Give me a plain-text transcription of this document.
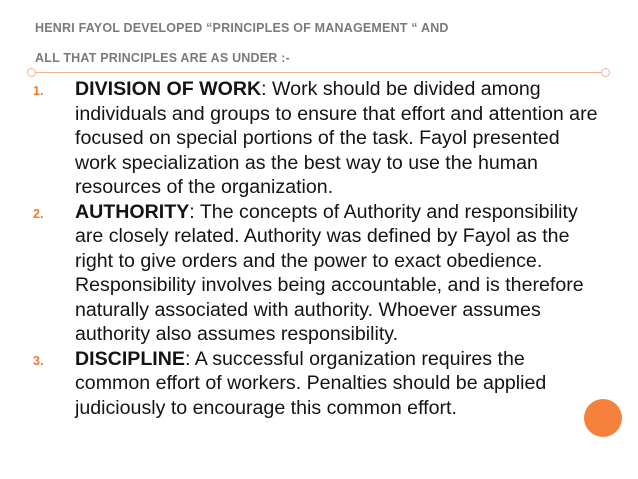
HENRI FAYOL DEVELOPED “PRINCIPLES OF MANAGEMENT “ AND
ALL THAT PRINCIPLES ARE AS UNDER :-
1.	DIVISION OF WORK: Work should be divided among individuals and groups to ensure that effort and attention are focused on special portions of the task. Fayol presented work specialization as the best way to use the human resources of the organization.
2.	AUTHORITY: The concepts of Authority and responsibility are closely related. Authority was defined by Fayol as the right to give orders and the power to exact obedience. Responsibility involves being accountable, and is therefore naturally associated with authority. Whoever assumes authority also assumes responsibility.
3.	DISCIPLINE: A successful organization requires the common effort of workers. Penalties should be applied judiciously to encourage this common effort.
